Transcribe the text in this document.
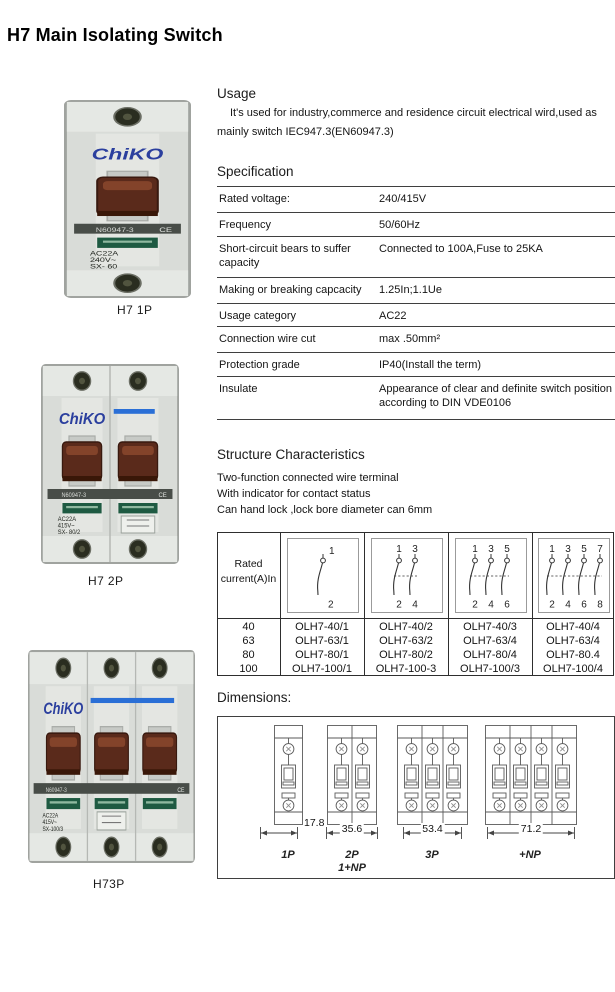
H7 Main Isolating Switch
N60947-3	CE
ChiKO
AC22A
240V~
SX- 60
H7 1P
N60947-3	CE
ChiKO
AC22A
415V~
SX- 80/2
H7 2P
N60947-3	CE
ChiKO
AC22A
415V~
SX-100/3
H73P
Usage
It's used for industry,commerce and residence circuit electrical wird,used as
mainly switch IEC947.3(EN60947.3)
Specification
Rated voltage:	240/415V
Frequency	50/60Hz
Short-circuit bears to suffer capacity
Connected to 100A,Fuse to 25KA
Making or breaking capcacity	1.25In;1.1Ue
Usage category	AC22
Connection wire cut	max .50mm²
Protection grade	IP40(Install the term)
Insulate	Appearance of clear and definite switch position
according to DIN VDE0106
Structure Characteristics
Two-function connected wire terminal
With indicator for contact status
Can hand lock ,lock bore diameter can 6mm
Rated
current(A)In
1
2
1
2
3
4
1
2
3
4
5
6
1
2
3
4
5
6
7
8
40	OLH7-40/1	OLH7-40/2	OLH7-40/3	OLH7-40/4
63	OLH7-63/1	OLH7-63/2	OLH7-63/4	OLH7-63/4
80	OLH7-80/1	OLH7-80/2	OLH7-80/4	OLH7-80.4
100	OLH7-100/1	OLH7-100-3	OLH7-100/3	OLH7-100/4
Dimensions:
17.8 35.6	53.4	71.2
1P	2P
1+NP
3P	+NP
